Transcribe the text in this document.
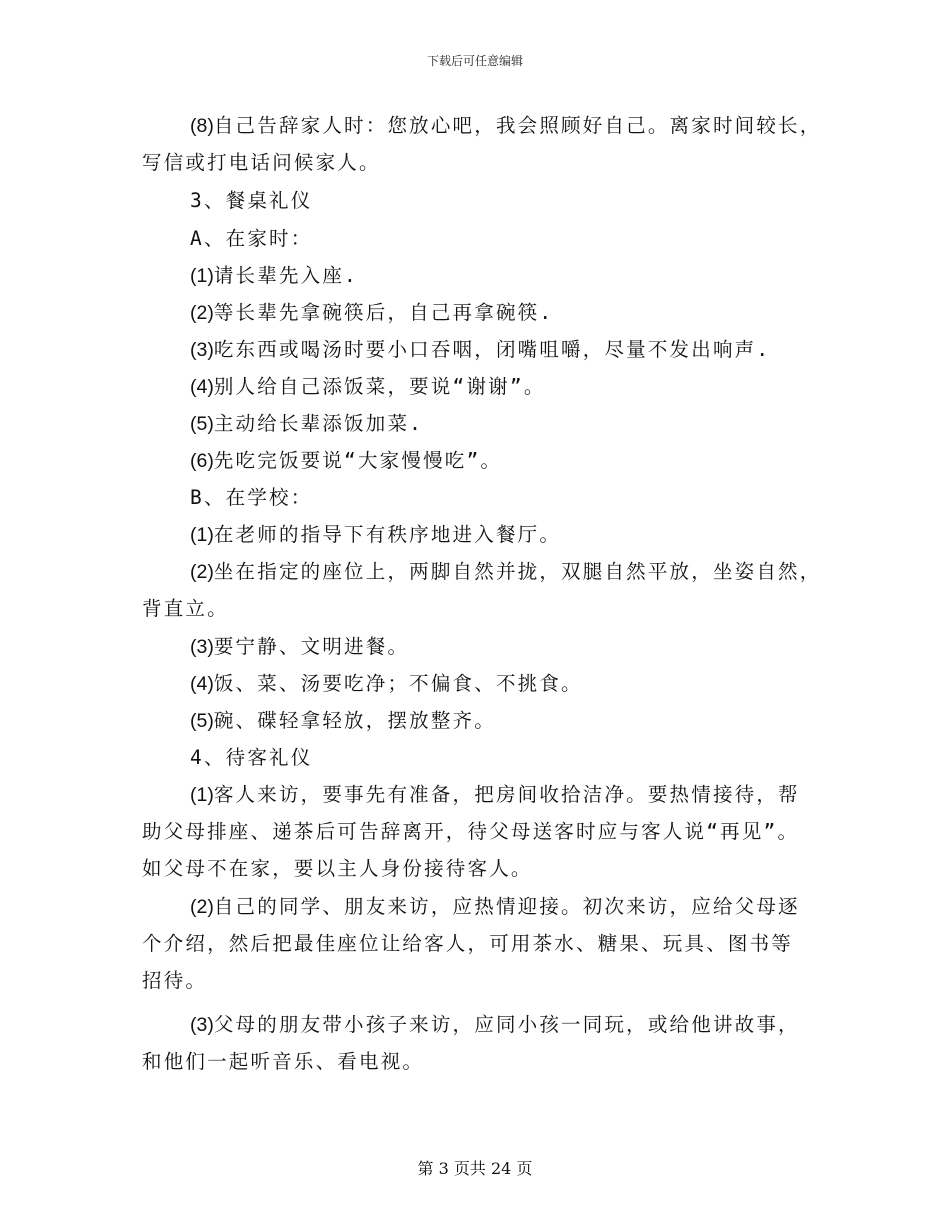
下载后可任意编辑
(8)自己告辞家人时：您放心吧，我会照顾好自己。离家时间较长，
写信或打电话问候家人。
3、餐桌礼仪
A、在家时：
(1)请长辈先入座.
(2)等长辈先拿碗筷后，自己再拿碗筷.
(3)吃东西或喝汤时要小口吞咽，闭嘴咀嚼，尽量不发出响声.
(4)别人给自己添饭菜，要说“谢谢”。
(5)主动给长辈添饭加菜.
(6)先吃完饭要说“大家慢慢吃”。
B、在学校：
(1)在老师的指导下有秩序地进入餐厅。
(2)坐在指定的座位上，两脚自然并拢，双腿自然平放，坐姿自然，
背直立。
(3)要宁静、文明进餐。
(4)饭、菜、汤要吃净；不偏食、不挑食。
(5)碗、碟轻拿轻放，摆放整齐。
4、待客礼仪
(1)客人来访，要事先有准备，把房间收拾洁净。要热情接待，帮
助父母排座、递茶后可告辞离开，待父母送客时应与客人说“再见”。
如父母不在家，要以主人身份接待客人。
(2)自己的同学、朋友来访，应热情迎接。初次来访，应给父母逐
个介绍，然后把最佳座位让给客人，可用茶水、糖果、玩具、图书等
招待。
(3)父母的朋友带小孩子来访，应同小孩一同玩，或给他讲故事，
和他们一起听音乐、看电视。
第 3 页共 24 页
